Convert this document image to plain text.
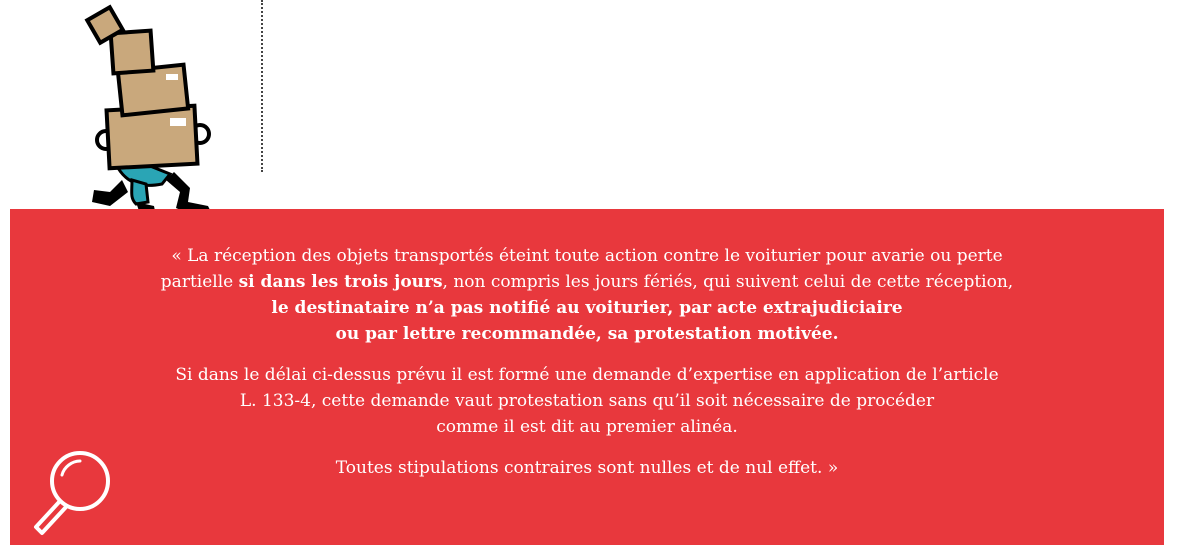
« La réception des objets transportés éteint toute action contre le voiturier pour avarie ou perte
partielle si dans les trois jours, non compris les jours fériés, qui suivent celui de cette réception,
le destinataire n’a pas notifié au voiturier, par acte extrajudiciaire
ou par lettre recommandée, sa protestation motivée.

Si dans le délai ci-dessus prévu il est formé une demande d’expertise en application de l’article
L. 133-4, cette demande vaut protestation sans qu’il soit nécessaire de procéder
comme il est dit au premier alinéa.

Toutes stipulations contraires sont nulles et de nul effet. »
